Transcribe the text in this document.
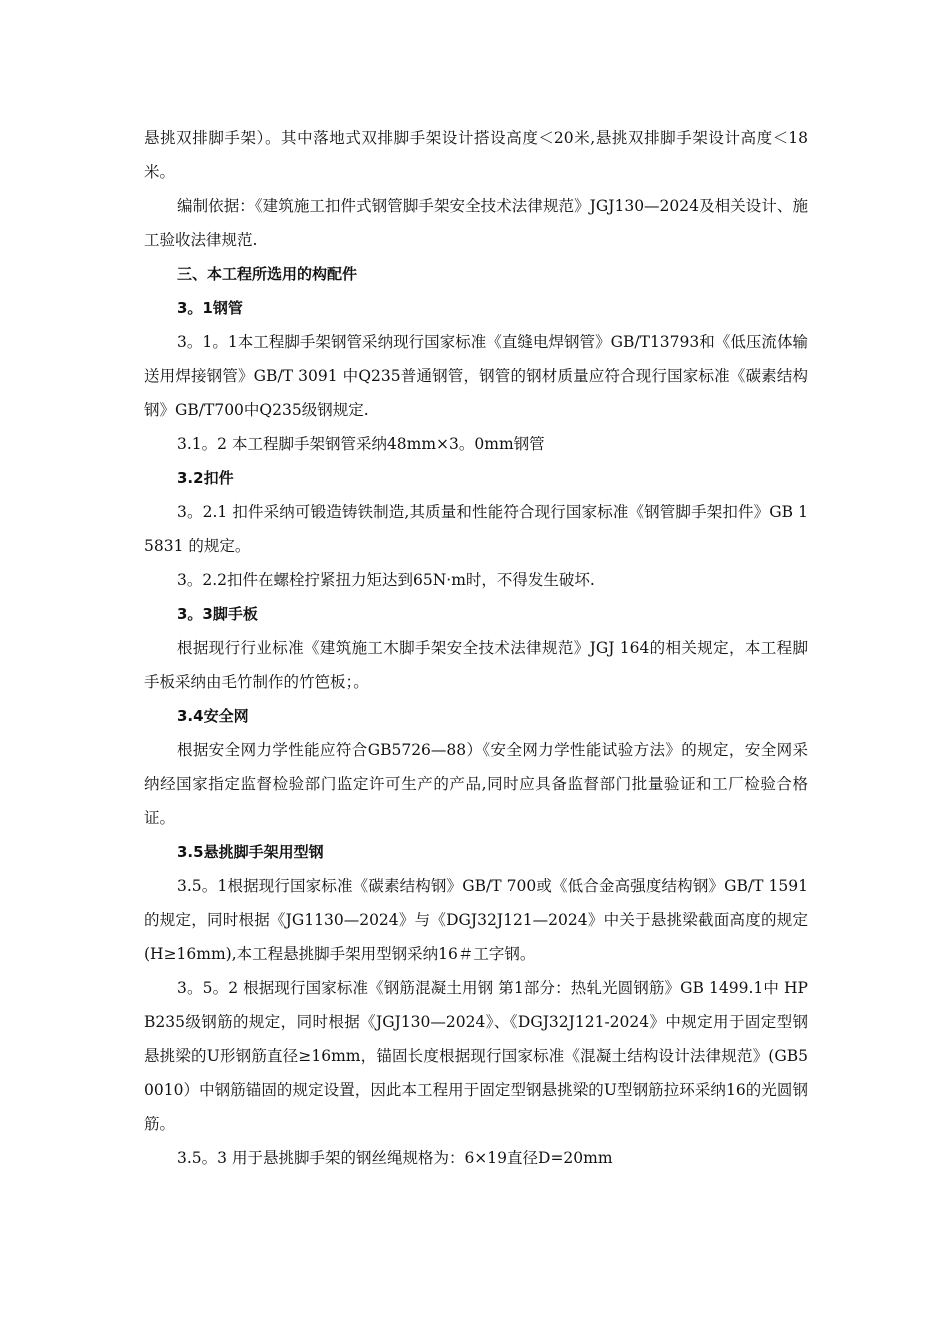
悬挑双排脚手架）。其中落地式双排脚手架设计搭设高度＜20米,悬挑双排脚手架设计高度＜18米。

编制依据：《建筑施工扣件式钢管脚手架安全技术法律规范》JGJ130—2024及相关设计、施工验收法律规范.

三、本工程所选用的构配件

3。1钢管

3。1。1本工程脚手架钢管采纳现行国家标准《直缝电焊钢管》GB/T13793和《低压流体输送用焊接钢管》GB/T 3091 中Q235普通钢管，钢管的钢材质量应符合现行国家标准《碳素结构钢》GB/T700中Q235级钢规定.

3.1。2 本工程脚手架钢管采纳48mm×3。0mm钢管

3.2扣件

3。2.1 扣件采纳可锻造铸铁制造,其质量和性能符合现行国家标准《钢管脚手架扣件》GB 15831 的规定。

3。2.2扣件在螺栓拧紧扭力矩达到65N·m时，不得发生破坏.

3。3脚手板

根据现行行业标准《建筑施工木脚手架安全技术法律规范》JGJ 164的相关规定，本工程脚手板采纳由毛竹制作的竹笆板；。

3.4安全网

根据安全网力学性能应符合GB5726—88）《安全网力学性能试验方法》的规定，安全网采纳经国家指定监督检验部门监定许可生产的产品,同时应具备监督部门批量验证和工厂检验合格证。

3.5悬挑脚手架用型钢

3.5。1根据现行国家标准《碳素结构钢》GB/T 700或《低合金高强度结构钢》GB/T 1591 的规定，同时根据《JG1130—2024》与《DGJ32J121—2024》中关于悬挑梁截面高度的规定(H≥16mm),本工程悬挑脚手架用型钢采纳16＃工字钢。

3。5。2 根据现行国家标准《钢筋混凝土用钢 第1部分：热轧光圆钢筋》GB 1499.1中 HPB235级钢筋的规定，同时根据《JGJ130—2024》、《DGJ32J121-2024》中规定用于固定型钢悬挑梁的U形钢筋直径≥16mm，锚固长度根据现行国家标准《混凝土结构设计法律规范》(GB50010）中钢筋锚固的规定设置，因此本工程用于固定型钢悬挑梁的U型钢筋拉环采纳16的光圆钢筋。

3.5。3 用于悬挑脚手架的钢丝绳规格为：6×19直径D=20mm
